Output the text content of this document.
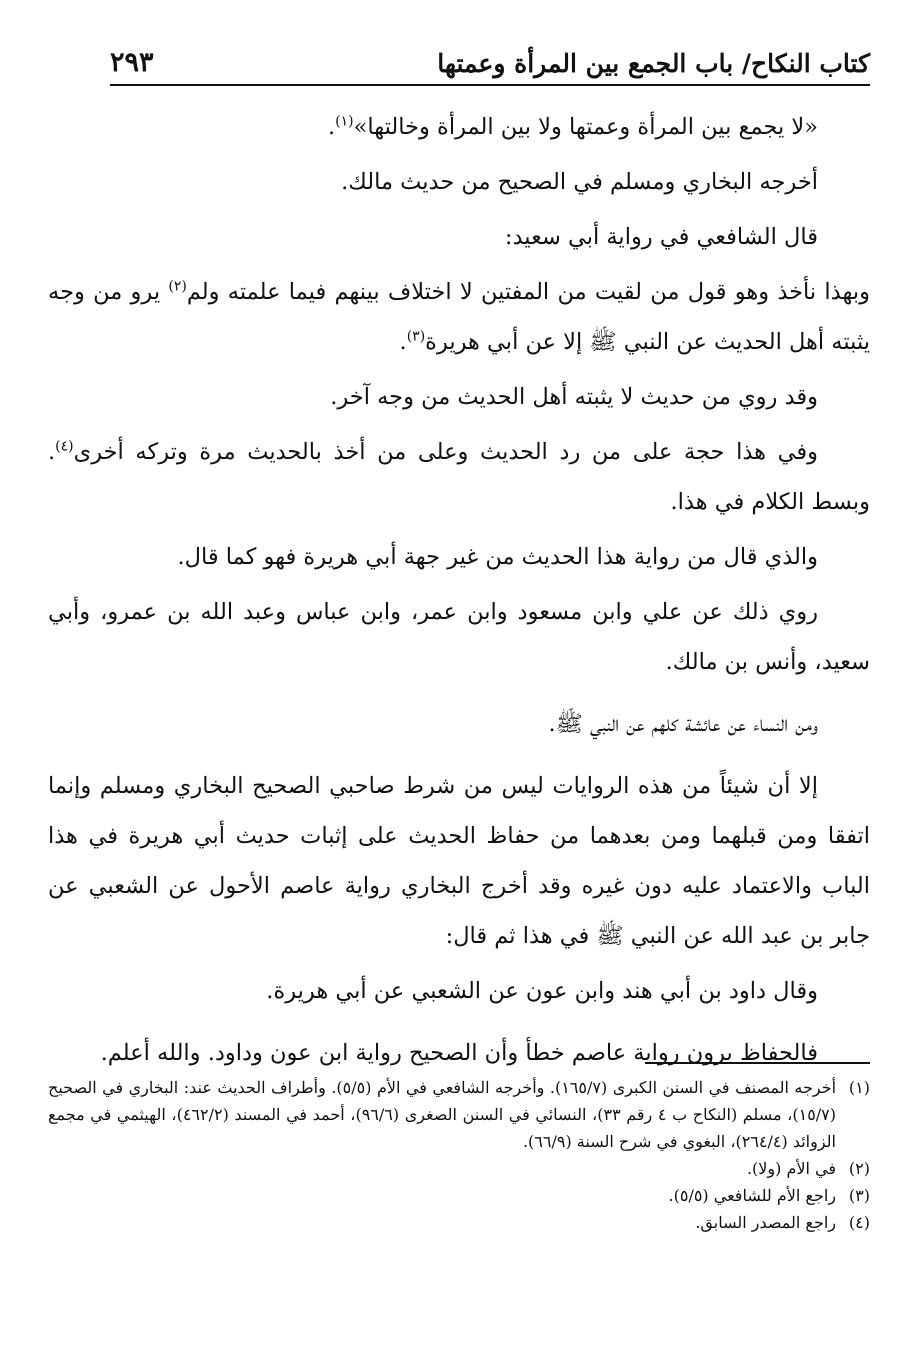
كتاب النكاح/ باب الجمع بين المرأة وعمتها
٢٩٣

«لا يجمع بين المرأة وعمتها ولا بين المرأة وخالتها»$^{(١)}$.

أخرجه البخاري ومسلم في الصحيح من حديث مالك.

قال الشافعي في رواية أبي سعيد:

وبهذا نأخذ وهو قول من لقيت من المفتين لا اختلاف بينهم فيما علمته ولم$^{(٢)}$ يرو من وجه يثبته أهل الحديث عن النبي ﷺ إلا عن أبي هريرة$^{(٣)}$.

وقد روي من حديث لا يثبته أهل الحديث من وجه آخر.

وفي هذا حجة على من رد الحديث وعلى من أخذ بالحديث مرة وتركه أخرى$^{(٤)}$. وبسط الكلام في هذا.

والذي قال من رواية هذا الحديث من غير جهة أبي هريرة فهو كما قال.

روي ذلك عن علي وابن مسعود وابن عمر، وابن عباس وعبد الله بن عمرو، وأبي سعيد، وأنس بن مالك.

ومن النساء عن عائشة كلهم عن النبي ﷺ.

إلا أن شيئاً من هذه الروايات ليس من شرط صاحبي الصحيح البخاري ومسلم وإنما اتفقا ومن قبلهما ومن بعدهما من حفاظ الحديث على إثبات حديث أبي هريرة في هذا الباب والاعتماد عليه دون غيره وقد أخرج البخاري رواية عاصم الأحول عن الشعبي عن جابر بن عبد الله عن النبي ﷺ في هذا ثم قال:

وقال داود بن أبي هند وابن عون عن الشعبي عن أبي هريرة.

فالحفاظ يرون رواية عاصم خطأ وأن الصحيح رواية ابن عون وداود. والله أعلم.

(١)
أخرجه المصنف في السنن الكبرى (١٦٥/٧). وأخرجه الشافعي في الأم (٥/٥). وأطراف الحديث عند: البخاري في الصحيح (١٥/٧)، مسلم (النكاح ب ٤ رقم ٣٣)، النسائي في السنن الصغرى (٩٦/٦)، أحمد في المسند (٤٦٢/٢)، الهيثمي في مجمع الزوائد (٢٦٤/٤)، البغوي في شرح السنة (٦٦/٩).
(٢)
في الأم (ولا).
(٣)
راجع الأم للشافعي (٥/٥).
(٤)
راجع المصدر السابق.
